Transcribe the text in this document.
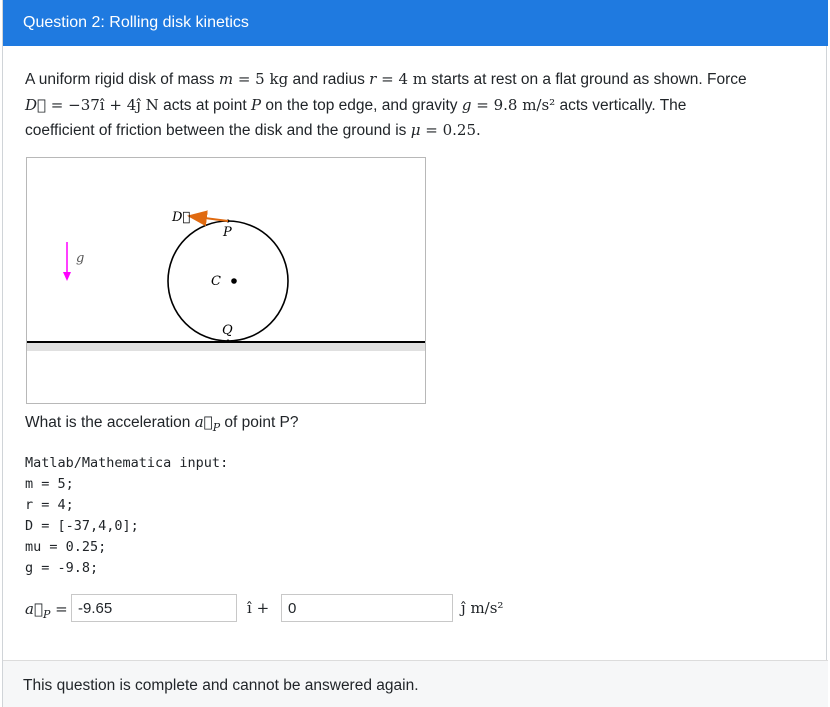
Question 2: Rolling disk kinetics
A uniform rigid disk of mass m = 5 kg and radius r = 4 m starts at rest on a flat ground as shown. Force
D⃗ = −37ı̂ + 4ȷ̂ N acts at point P on the top edge, and gravity g = 9.8 m/s² acts vertically. The
coefficient of friction between the disk and the ground is μ = 0.25.
D⃗
P
C
Q
g
What is the acceleration $a⃗_P$ of point P?
Matlab/Mathematica input:
m = 5;
r = 4;
D = [-37,4,0];
mu = 0.25;
g = -9.8;
$a⃗_P = -9.65$	ı̂ +	0	ȷ̂ m/s²
This question is complete and cannot be answered again.
